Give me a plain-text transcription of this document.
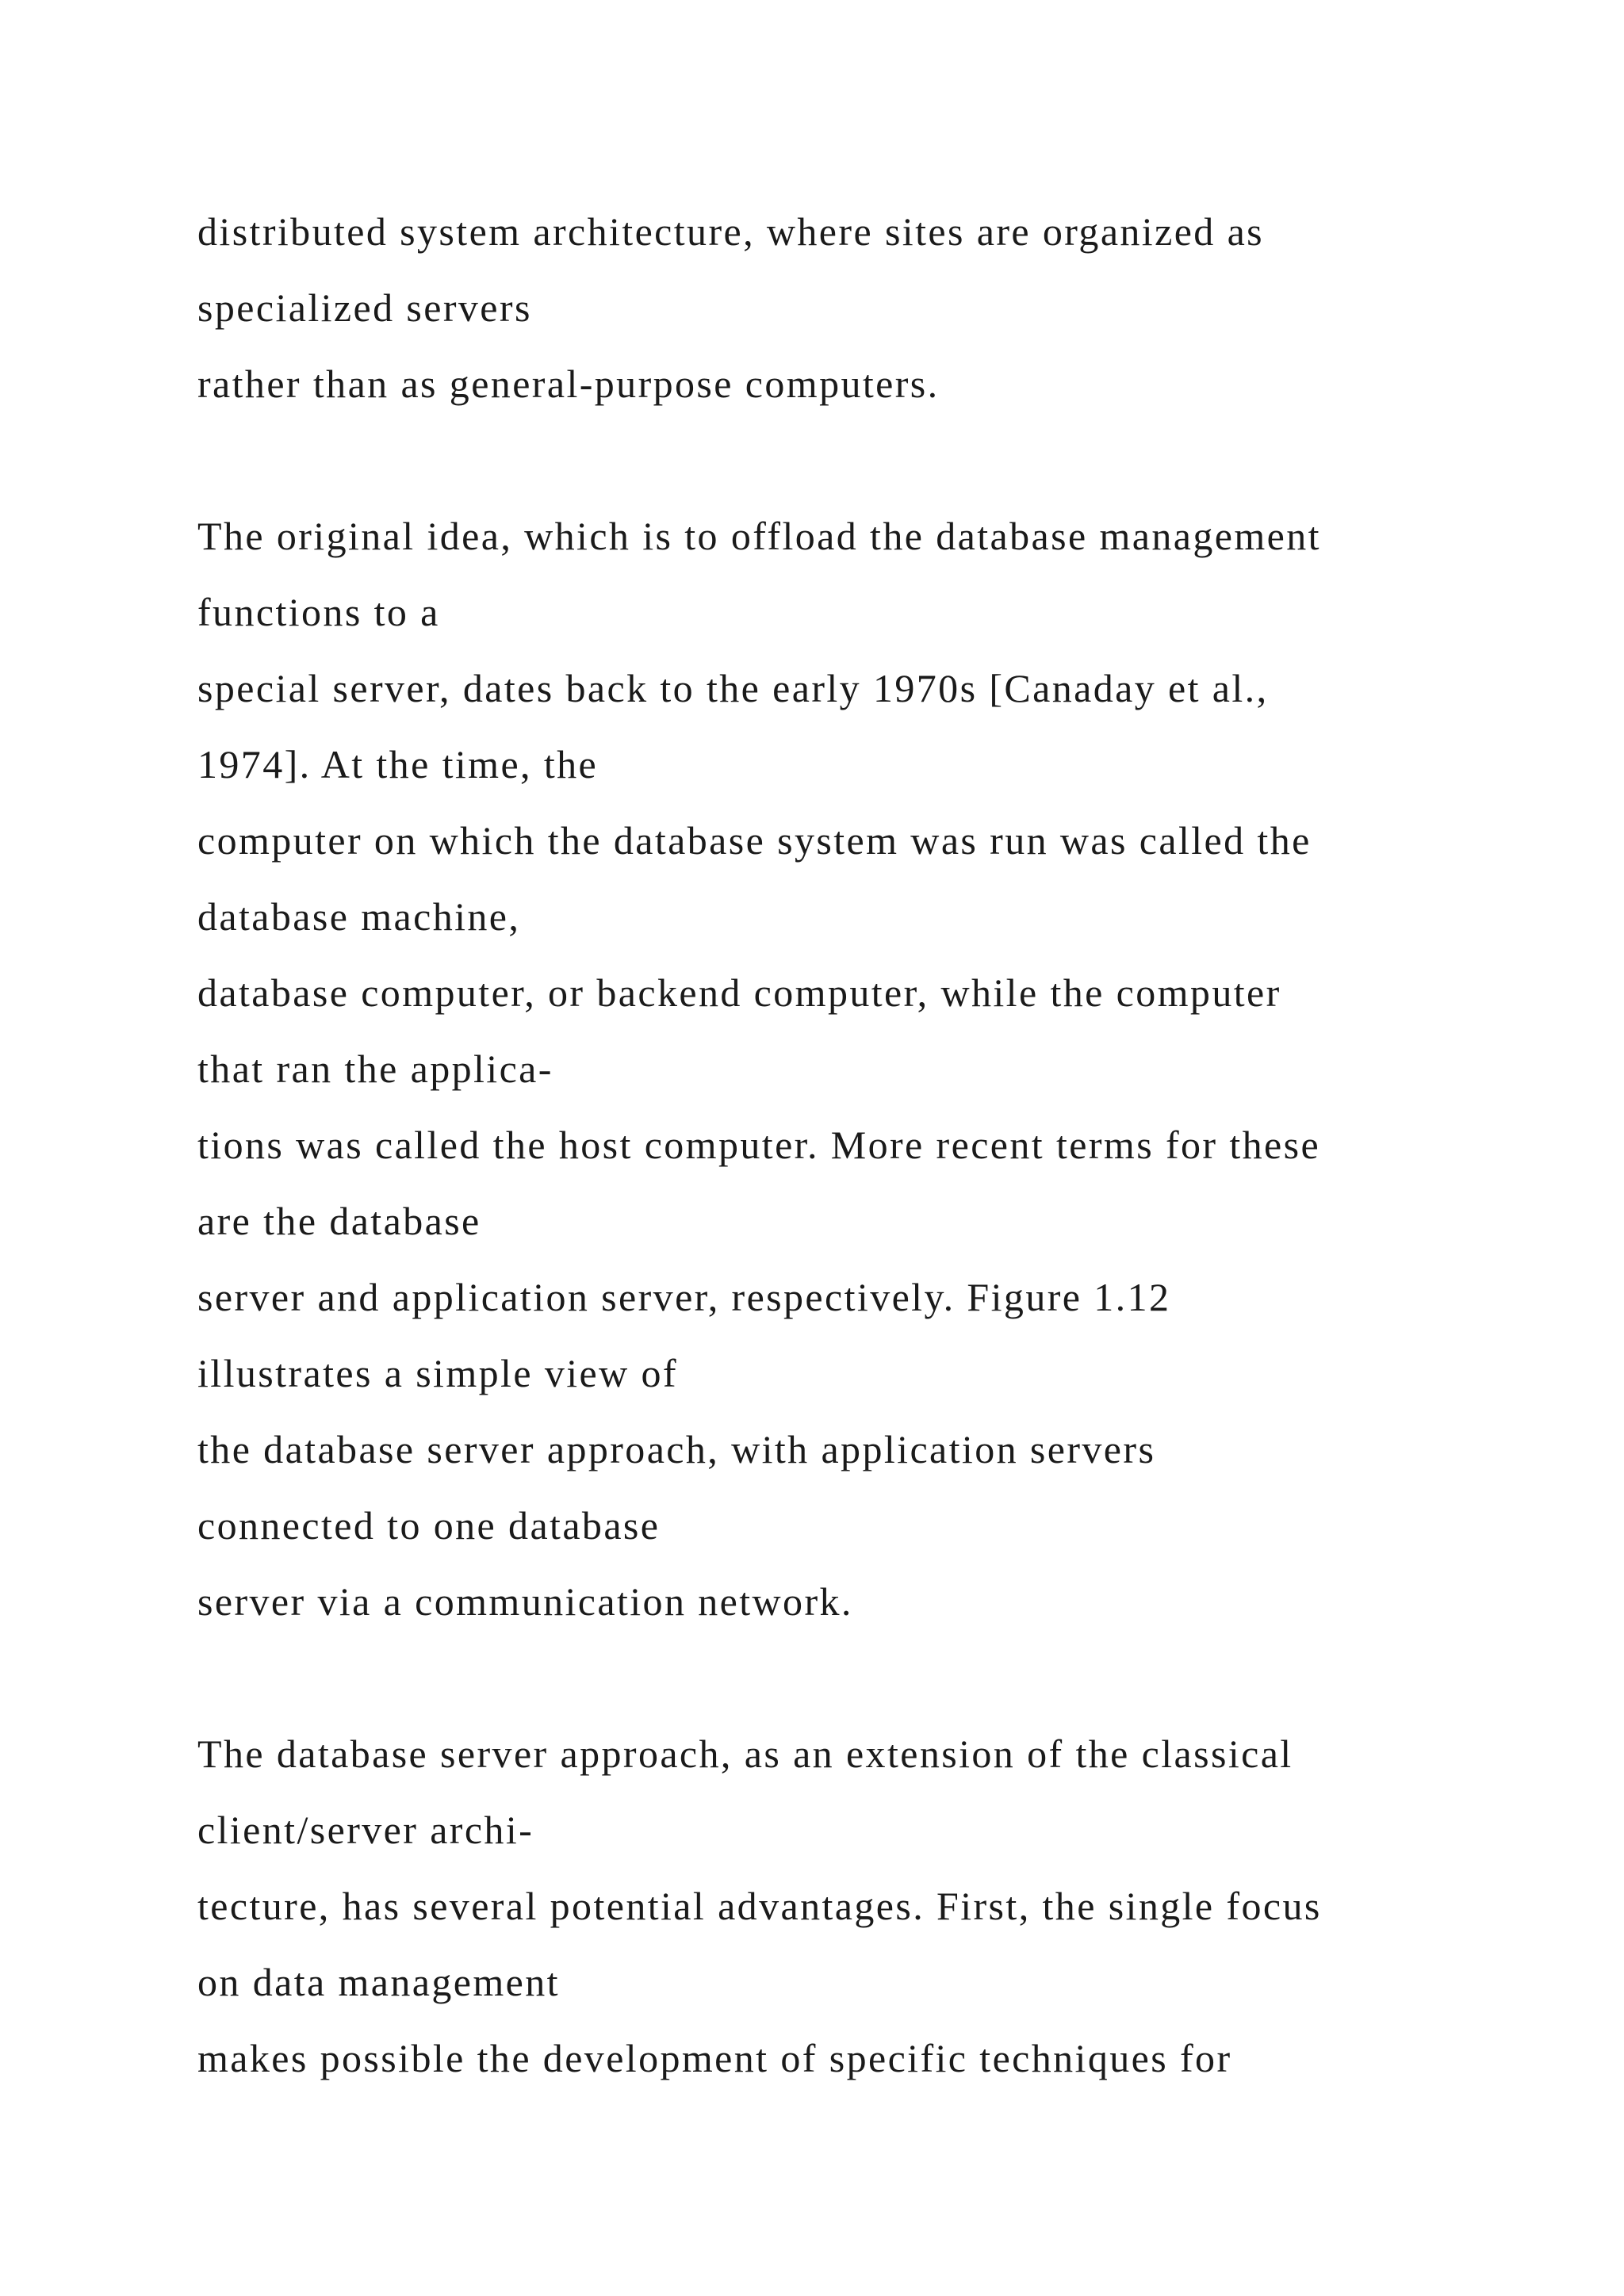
distributed system architecture, where sites are organized as
specialized servers
rather than as general-purpose computers.
The original idea, which is to offload the database management
functions to a
special server, dates back to the early 1970s [Canaday et al.,
1974]. At the time, the
computer on which the database system was run was called the
database machine,
database computer, or backend computer, while the computer
that ran the applica-
tions was called the host computer. More recent terms for these
are the database
server and application server, respectively. Figure 1.12
illustrates a simple view of
the database server approach, with application servers
connected to one database
server via a communication network.
The database server approach, as an extension of the classical
client/server archi-
tecture, has several potential advantages. First, the single focus
on data management
makes possible the development of specific techniques for
